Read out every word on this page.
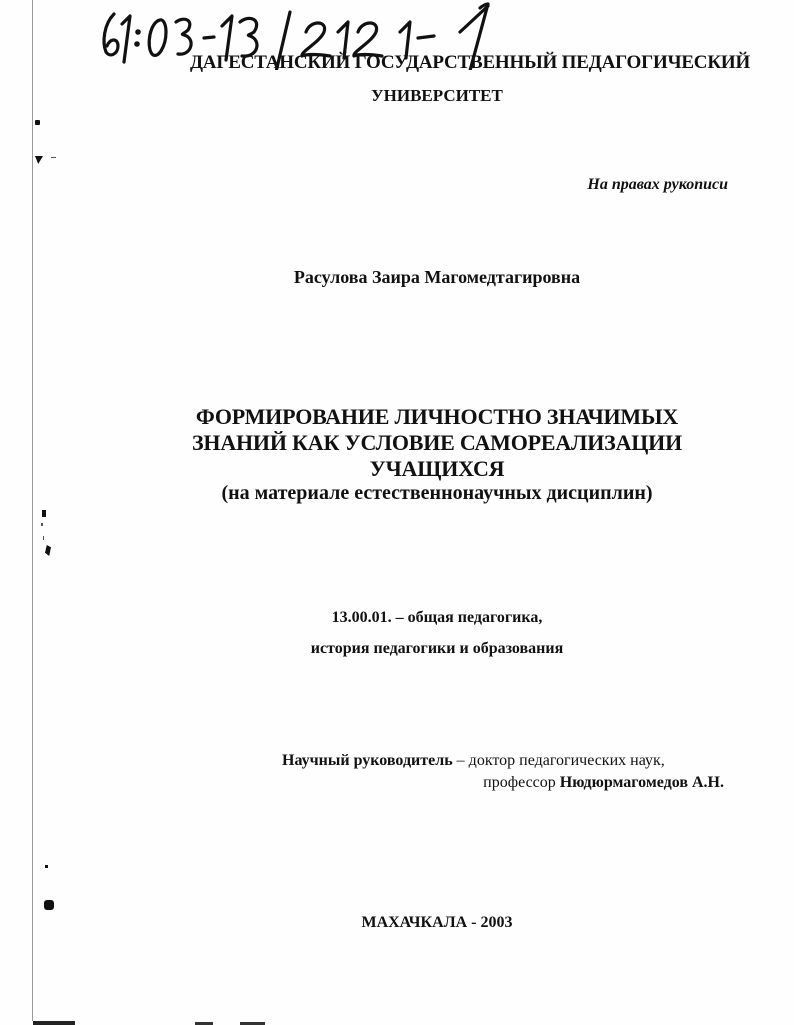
ДАГЕСТАНСКИЙ ГОСУДАРСТВЕННЫЙ ПЕДАГОГИЧЕСКИЙ
УНИВЕРСИТЕТ
На правах рукописи
Расулова Заира Магомедтагировна
ФОРМИРОВАНИЕ ЛИЧНОСТНО ЗНАЧИМЫХ
ЗНАНИЙ КАК УСЛОВИЕ САМОРЕАЛИЗАЦИИ
УЧАЩИХСЯ
(на материале естественнонаучных дисциплин)
13.00.01. – общая педагогика,
история педагогики и образования
Научный руководитель – доктор педагогических наук,
профессор Нюдюрмагомедов А.Н.
МАХАЧКАЛА - 2003
